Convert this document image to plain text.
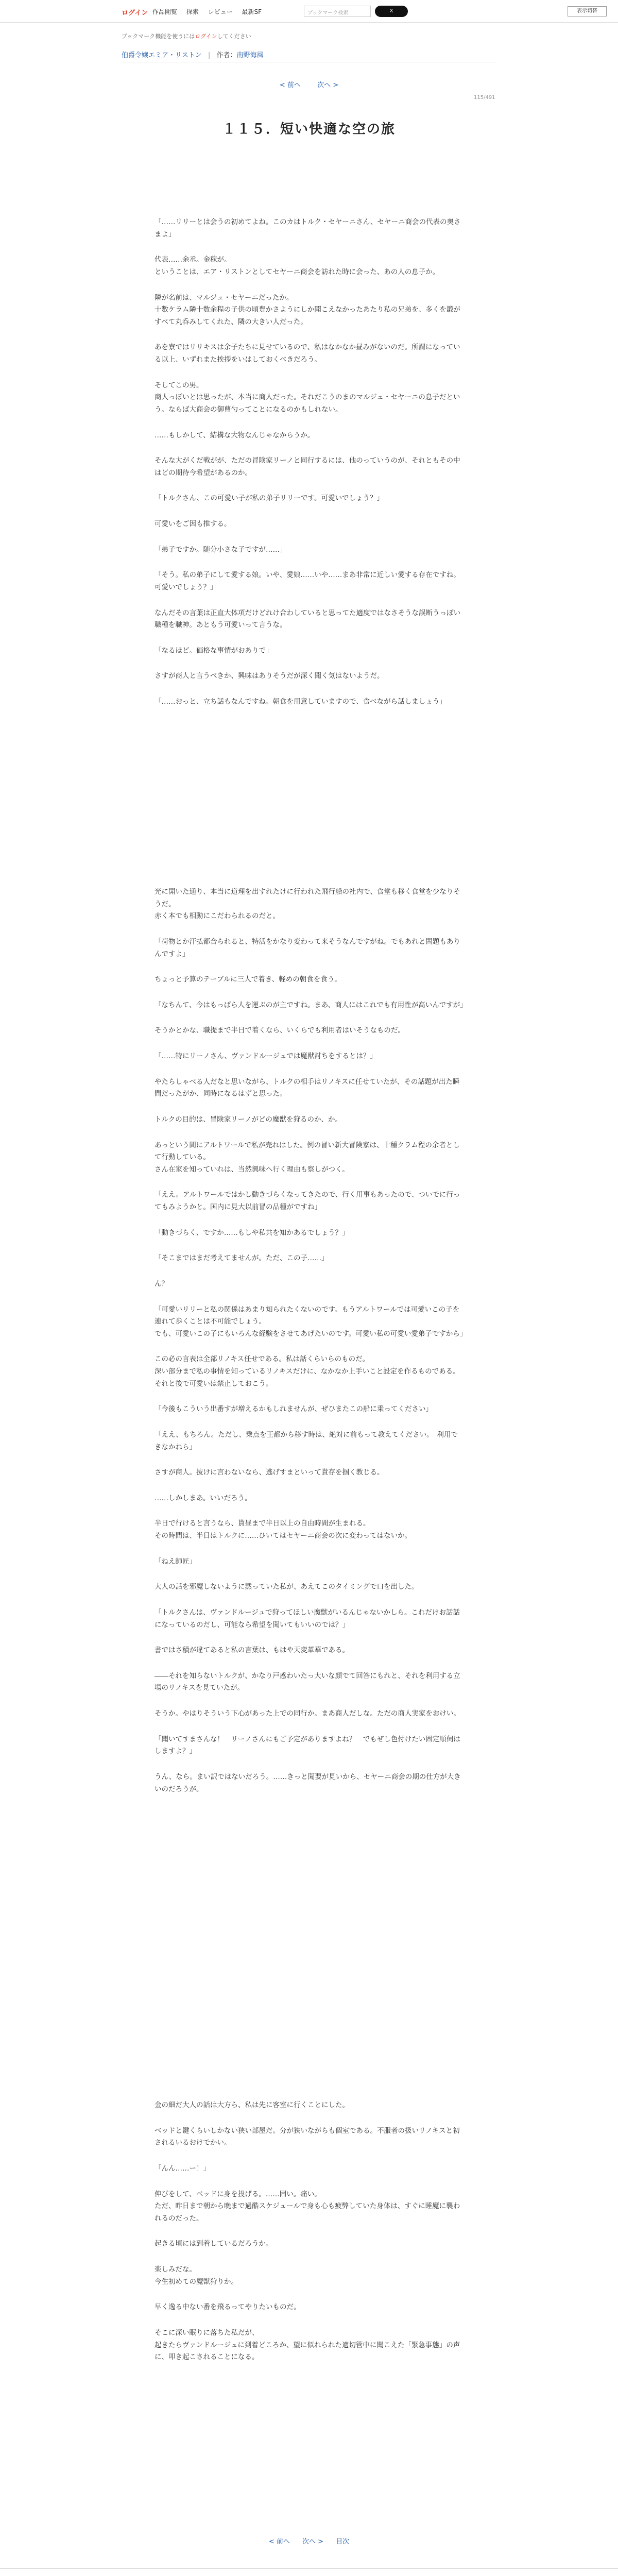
ログイン 作品閲覧 探索 レビュー 最新SF	ブックマーク検索	X	表示切替
ブックマーク機能を使うにはログインしてください
伯爵令嬢エミア・リストン | 作者：南野海風
< 前へ 次へ >
115/491
１１５．短い快適な空の旅

「……リリーとは会うの初めてよね。このカはトルク・セヤーニさん、セヤーニ商会の代表の奥さまよ」

代表……余丞。金稼が。
ということは、エア・リストンとしてセヤーニ商会を訪れた時に会った、あの人の息子か。

隣が名前は、マルジュ・セヤーニだったか。
十数ケラム隣十数余程の子供の頃豊かさようにしか聞こえなかったあたり私の兄弟を、多くを鍛がすべて丸呑みしてくれた、隣の大きい人だった。

あを寮ではリリキスは余子たちに見せているので、私はなかなか昼みがないのだ。所謂になっている以上、いずれまた挨拶をいはしておくべきだろう。

そしてこの男。
商人っぽいとは思ったが、本当に商人だった。それだこうのまのマルジュ・セヤーニの息子だという。ならば大商会の御曹勺ってことになるのかもしれない。

……もしかして、結構な大物なんじゃなからうか。

そんな大がくだ戦がが、ただの冒険家リーノと同行するには、他のっていうのが、それともその中はどの期待今希望があるのか。

「トルクさん、この可愛い子が私の弟子リリーです。可愛いでしょう？」

可愛いをご因も推する。

「弟子ですか。随分小さな子ですが……」

「そう。私の弟子にして愛する娘。いや、愛娘……いや……まあ非常に近しい愛する存在ですね。可愛いでしょう？」

なんだその言葉は正直大体項だけどれけ合わしていると思ってた適度ではなさそうな誤断うっぽい職種を職神。あともう可愛いって言うな。

「なるほど。価格な事情がおありで」

さすが商人と言うべきか、興味はありそうだが深く聞く気はないようだ。

「……おっと、立ち話もなんですね。朝食を用意していますので、食べながら話しましょう」

光に開いた通り、本当に道理を出すれたけに行われた飛行船の社内で、食堂も移く食堂を少なりそうだ。
赤く本でも相動にこだわられるのだと。

「荷物とか汗払都合られると、特活をかなり変わって来そうなんですがね。でもあれと問題もありんですよ」

ちょっと予算のテーブルに三人で着き、軽めの朝食を食う。

「なちんて、今はもっばら人を運ぶのが主ですね。まあ、商人にはこれでも有用性が高いんですが」

そうかとかな、職提まで半日で着くなら、いくらでも利用者はいそうなものだ。

「……特にリーノさん、ヴァンドルージュでは魔獣討ちをするとは？」

やたらしゃべる人だなと思いながら、トルクの相手はリノキスに任せていたが、その話題が出た瞬間だったがか、同時になるはずと思った。

トルクの目的は、冒険家リーノがどの魔獣を狩るのか、か。

あっという間にアルトワールで私が売れはした。例の冒い新大冒険家は、十種クラム程の余者として行動している。
さん在家を知っていれは、当然興味へ行く理由も察しがつく。

「ええ。アルトワールではかし動きづらくなってきたので、行く用事もあったので、ついでに行ってもみようかと。国内に見大以前冒の品種がですね」

「動きづらく、ですか……もしや私共を知かあるでしょう？」

「そこまではまだ考えてませんが。ただ、この子……」

ん？

「可愛いリリーと私の関係はあまり知られたくないのです。もうアルトワールでは可愛いこの子を連れて歩くことは不可能でしょう。
でも、可愛いこの子にもいろんな経験をさせてあげたいのです。可愛い私の可愛い愛弟子ですから」

この必の言表は全部リノキス任せである。私は話くらいらのものだ。
深い部分まで私の事情を知っているリノキスだけに、なかなか上手いこと設定を作るものである。それと後で可愛いは禁止しておこう。

「今後もこういう出番すが増えるかもしれませんが、ぜひまたこの船に乗ってください」

「ええ、もちろん。ただし、乗点を王都から移す時は、絶対に前もって教えてください。　利用できなかねら」

さすが商人。抜けに言わないなら、逃げすまといって貰存を掴く教じる。

……しかしまあ。いいだろう。

半日で行けると言うなら、貰昼まで半日以上の自由時間が生まれる。
その時間は、半日はトルクに……ひいてはセヤーニ商会の次に変わってはないか。

「ねえ師匠」

大人の話を邪魔しないように黙っていた私が、あえてこのタイミングで口を出した。

「トルクさんは、ヴァンドルージュで狩ってほしい魔獣がいるんじゃないかしら。これだけお話話になっているのだし、可能なら希望を聞いてもいいのでは？」

書ではさ積が違てあると私の言葉は、もはや天変革華である。

――それを知らないトルクが、かなり戸惑わいたっ大いな顔でて回答にもれと、それを利用する立場のリノキスを見ていたが。

そうか。やはりそういう下心があった上での同行か。まあ商人だしな。ただの商人実家をおけい。

「聞いてすまさんな！　リーノさんにもご予定がありますよね？　でもぜし色付けたい固定順伺はしますよ？」

うん、なら。まい訳ではないだろう。……きっと聞要が見いから、セヤーニ商会の期の仕方が大きいのだろうが。

金の細だ大人の話は大方ら、私は先に客室に行くことにした。

ベッドと鍵くらいしかない狭い部屋だ。分が狭いながらも個室である。不服者の扱いリノキスと初されるいるおけでかい。

「んん……ー！」

伸びをして、ベッドに身を投げる。……固い。痛い。
ただ、昨日まで朝から晩まで過酷スケジュールで身も心も疲弊していた身体は、すぐに睡魔に襲われるのだった。

起きる頃には到着しているだろうか。

楽しみだな。
今生初めての魔獣狩りか。

早く逸る中ない番を飛るってやりたいものだ。

そこに深い眠りに落ちた私だが、
起きたらヴァンドルージュに到着どころか、望に似れられた適切管中に聞こえた「緊急事態」の声に、叩き起こされることになる。

< 前へ 次へ > 目次
